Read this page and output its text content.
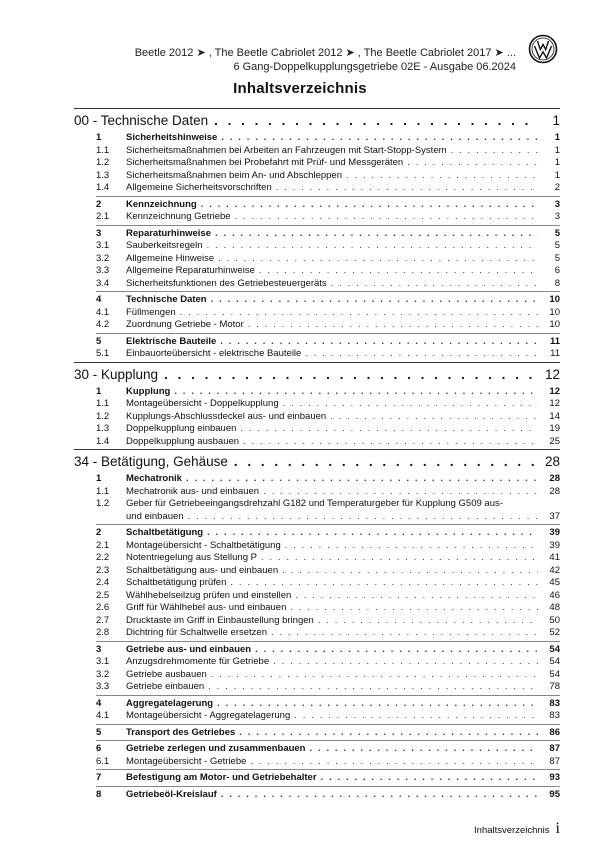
Beetle 2012 ➤ , The Beetle Cabriolet 2012 ➤ , The Beetle Cabriolet 2017 ➤ ...
6 Gang-Doppelkupplungsgetriebe 02E - Ausgabe 06.2024
Inhaltsverzeichnis
00 - Technische Daten . . .	1
1	Sicherheitshinweise . . .	1
1.1	Sicherheitsmaßnahmen bei Arbeiten an Fahrzeugen mit Start-Stopp-System . . .	1
1.2	Sicherheitsmaßnahmen bei Probefahrt mit Prüf- und Messgeräten . . .	1
1.3	Sicherheitsmaßnahmen beim An- und Abschleppen . . .	1
1.4	Allgemeine Sicherheitsvorschriften . . .	2
2	Kennzeichnung . . .	3
2.1	Kennzeichnung Getriebe . . .	3
3	Reparaturhinweise . . .	5
3.1	Sauberkeitsregeln . . .	5
3.2	Allgemeine Hinweise . . .	5
3.3	Allgemeine Reparaturhinweise . . .	6
3.4	Sicherheitsfunktionen des Getriebesteuergeräts . . .	8
4	Technische Daten . . .	10
4.1	Füllmengen . . .	10
4.2	Zuordnung Getriebe - Motor . . .	10
5	Elektrische Bauteile . . .	11
5.1	Einbauorteübersicht - elektrische Bauteile . . .	11
30 - Kupplung . . .	12
1	Kupplung . . .	12
1.1	Montageübersicht - Doppelkupplung . . .	12
1.2	Kupplungs-Abschlussdeckel aus- und einbauen . . .	14
1.3	Doppelkupplung einbauen . . .	19
1.4	Doppelkupplung ausbauen . . .	25
34 - Betätigung, Gehäuse . . .	28
1	Mechatronik . . .	28
1.1	Mechatronik aus- und einbauen . . .	28
1.2	Geber für Getriebeeingangsdrehzahl G182 und Temperaturgeber für Kupplung G509 aus-
und einbauen . . .	37
2	Schaltbetätigung . . .	39
2.1	Montageübersicht - Schaltbetätigung . . .	39
2.2	Notentriegelung aus Stellung P . . .	41
2.3	Schaltbetätigung aus- und einbauen . . .	42
2.4	Schaltbetätigung prüfen . . .	45
2.5	Wählhebelseilzug prüfen und einstellen . . .	46
2.6	Griff für Wählhebel aus- und einbauen . . .	48
2.7	Drucktaste im Griff in Einbaustellung bringen . . .	50
2.8	Dichtring für Schaltwelle ersetzen . . .	52
3	Getriebe aus- und einbauen . . .	54
3.1	Anzugsdrehmomente für Getriebe . . .	54
3.2	Getriebe ausbauen . . .	54
3.3	Getriebe einbauen . . .	78
4	Aggregatelagerung . . .	83
4.1	Montageübersicht - Aggregatelagerung . . .	83
5	Transport des Getriebes . . .	86
6	Getriebe zerlegen und zusammenbauen . . .	87
6.1	Montageübersicht - Getriebe . . .	87
7	Befestigung am Motor- und Getriebehalter . . .	93
8	Getriebeöl-Kreislauf . . .	95
Inhaltsverzeichnis i
